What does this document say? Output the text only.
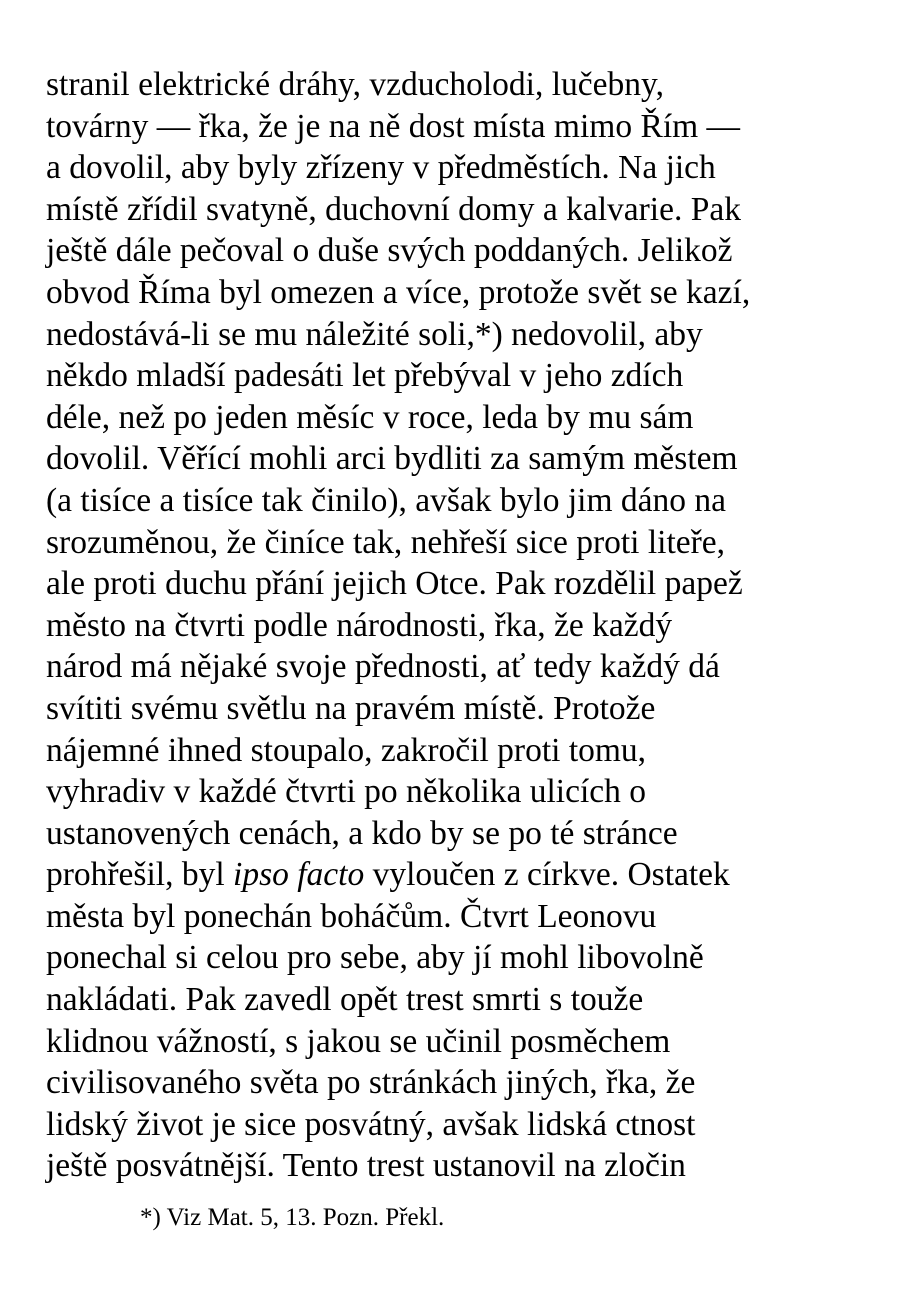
stranil elektrické dráhy, vzducholodi, lučebny,
továrny — řka, že je na ně dost místa mimo Řím —
a dovolil, aby byly zřízeny v předměstích. Na jich
místě zřídil svatyně, duchovní domy a kalvarie. Pak
ještě dále pečoval o duše svých poddaných. Jelikož
obvod Říma byl omezen a více, protože svět se kazí,
nedostává-li se mu náležité soli,*) nedovolil, aby
někdo mladší padesáti let přebýval v jeho zdích
déle, než po jeden měsíc v roce, leda by mu sám
dovolil. Věřící mohli arci bydliti za samým městem
(a tisíce a tisíce tak činilo), avšak bylo jim dáno na
srozuměnou, že činíce tak, nehřeší sice proti liteře,
ale proti duchu přání jejich Otce. Pak rozdělil papež
město na čtvrti podle národnosti, řka, že každý
národ má nějaké svoje přednosti, ať tedy každý dá
svítiti svému světlu na pravém místě. Protože
nájemné ihned stoupalo, zakročil proti tomu,
vyhradiv v každé čtvrti po několika ulicích o
ustanovených cenách, a kdo by se po té stránce
prohřešil, byl ipso facto vyloučen z církve. Ostatek
města byl ponechán boháčům. Čtvrt Leonovu
ponechal si celou pro sebe, aby jí mohl libovolně
nakládati. Pak zavedl opět trest smrti s touže
klidnou vážností, s jakou se učinil posměchem
civilisovaného světa po stránkách jiných, řka, že
lidský život je sice posvátný, avšak lidská ctnost
ještě posvátnější. Tento trest ustanovil na zločin

*) Viz Mat. 5, 13. Pozn. Překl.
